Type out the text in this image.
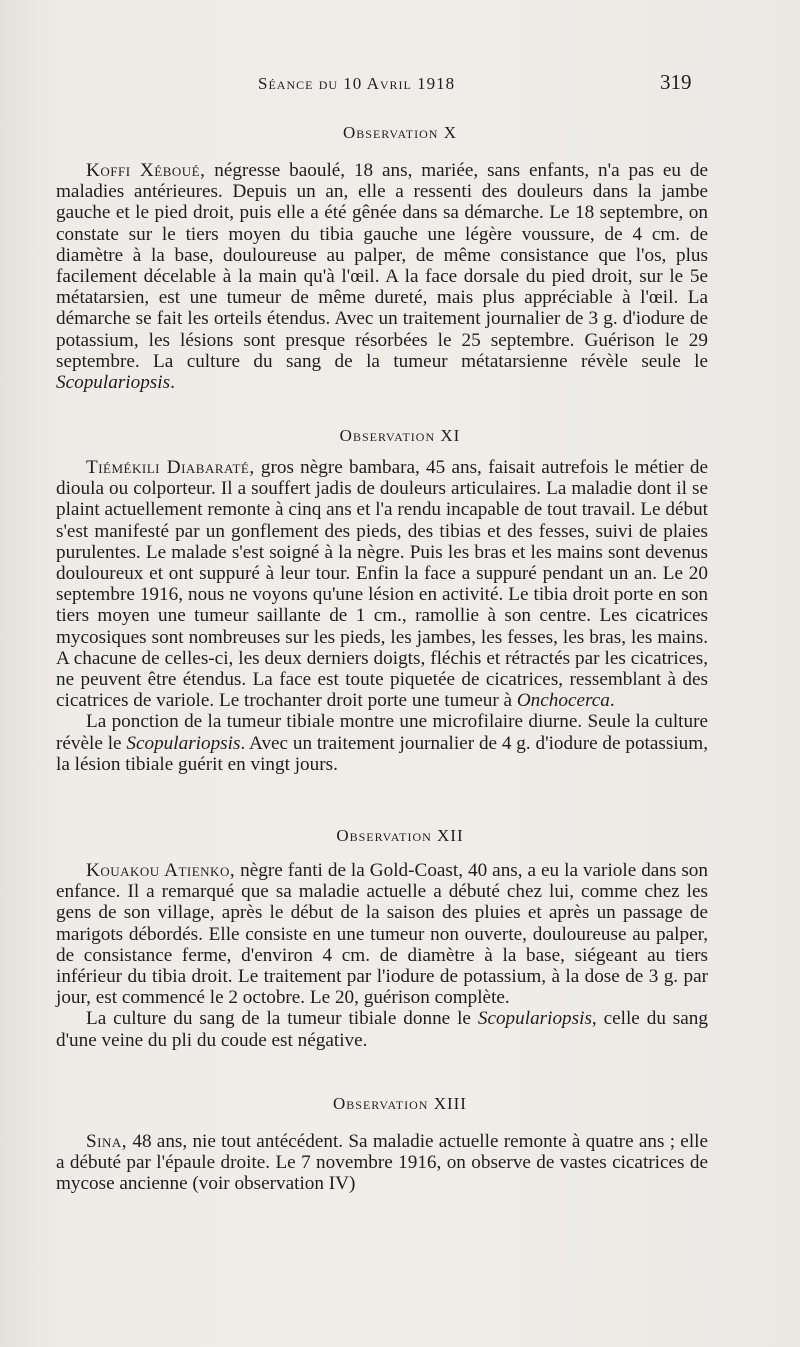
Séance du 10 Avril 1918	319
Observation X

Koffi Xéboué, négresse baoulé, 18 ans, mariée, sans enfants, n'a pas eu de maladies antérieures. Depuis un an, elle a ressenti des douleurs dans la jambe gauche et le pied droit, puis elle a été gênée dans sa démarche. Le 18 septembre, on constate sur le tiers moyen du tibia gauche une légère voussure, de 4 cm. de diamètre à la base, douloureuse au palper, de même consistance que l'os, plus facilement décelable à la main qu'à l'œil. A la face dorsale du pied droit, sur le 5e métatarsien, est une tumeur de même dureté, mais plus appréciable à l'œil. La démarche se fait les orteils étendus. Avec un traitement journalier de 3 g. d'iodure de potassium, les lésions sont presque résorbées le 25 septembre. Guérison le 29 septembre. La culture du sang de la tumeur métatarsienne révèle seule le Scopulariopsis.

Observation XI

Tiémékili Diabaraté, gros nègre bambara, 45 ans, faisait autrefois le métier de dioula ou colporteur. Il a souffert jadis de douleurs articulaires. La maladie dont il se plaint actuellement remonte à cinq ans et l'a rendu incapable de tout travail. Le début s'est manifesté par un gonflement des pieds, des tibias et des fesses, suivi de plaies purulentes. Le malade s'est soigné à la nègre. Puis les bras et les mains sont devenus douloureux et ont suppuré à leur tour. Enfin la face a suppuré pendant un an. Le 20 septembre 1916, nous ne voyons qu'une lésion en activité. Le tibia droit porte en son tiers moyen une tumeur saillante de 1 cm., ramollie à son centre. Les cicatrices mycosiques sont nombreuses sur les pieds, les jambes, les fesses, les bras, les mains. A chacune de celles-ci, les deux derniers doigts, fléchis et rétractés par les cicatrices, ne peuvent être étendus. La face est toute piquetée de cicatrices, ressemblant à des cicatrices de variole. Le trochanter droit porte une tumeur à Onchocerca.

La ponction de la tumeur tibiale montre une microfilaire diurne. Seule la culture révèle le Scopulariopsis. Avec un traitement journalier de 4 g. d'iodure de potassium, la lésion tibiale guérit en vingt jours.

Observation XII

Kouakou Atienko, nègre fanti de la Gold-Coast, 40 ans, a eu la variole dans son enfance. Il a remarqué que sa maladie actuelle a débuté chez lui, comme chez les gens de son village, après le début de la saison des pluies et après un passage de marigots débordés. Elle consiste en une tumeur non ouverte, douloureuse au palper, de consistance ferme, d'environ 4 cm. de diamètre à la base, siégeant au tiers inférieur du tibia droit. Le traitement par l'iodure de potassium, à la dose de 3 g. par jour, est commencé le 2 octobre. Le 20, guérison complète.

La culture du sang de la tumeur tibiale donne le Scopulariopsis, celle du sang d'une veine du pli du coude est négative.

Observation XIII

Sina, 48 ans, nie tout antécédent. Sa maladie actuelle remonte à quatre ans ; elle a débuté par l'épaule droite. Le 7 novembre 1916, on observe de vastes cicatrices de mycose ancienne (voir observation IV)
